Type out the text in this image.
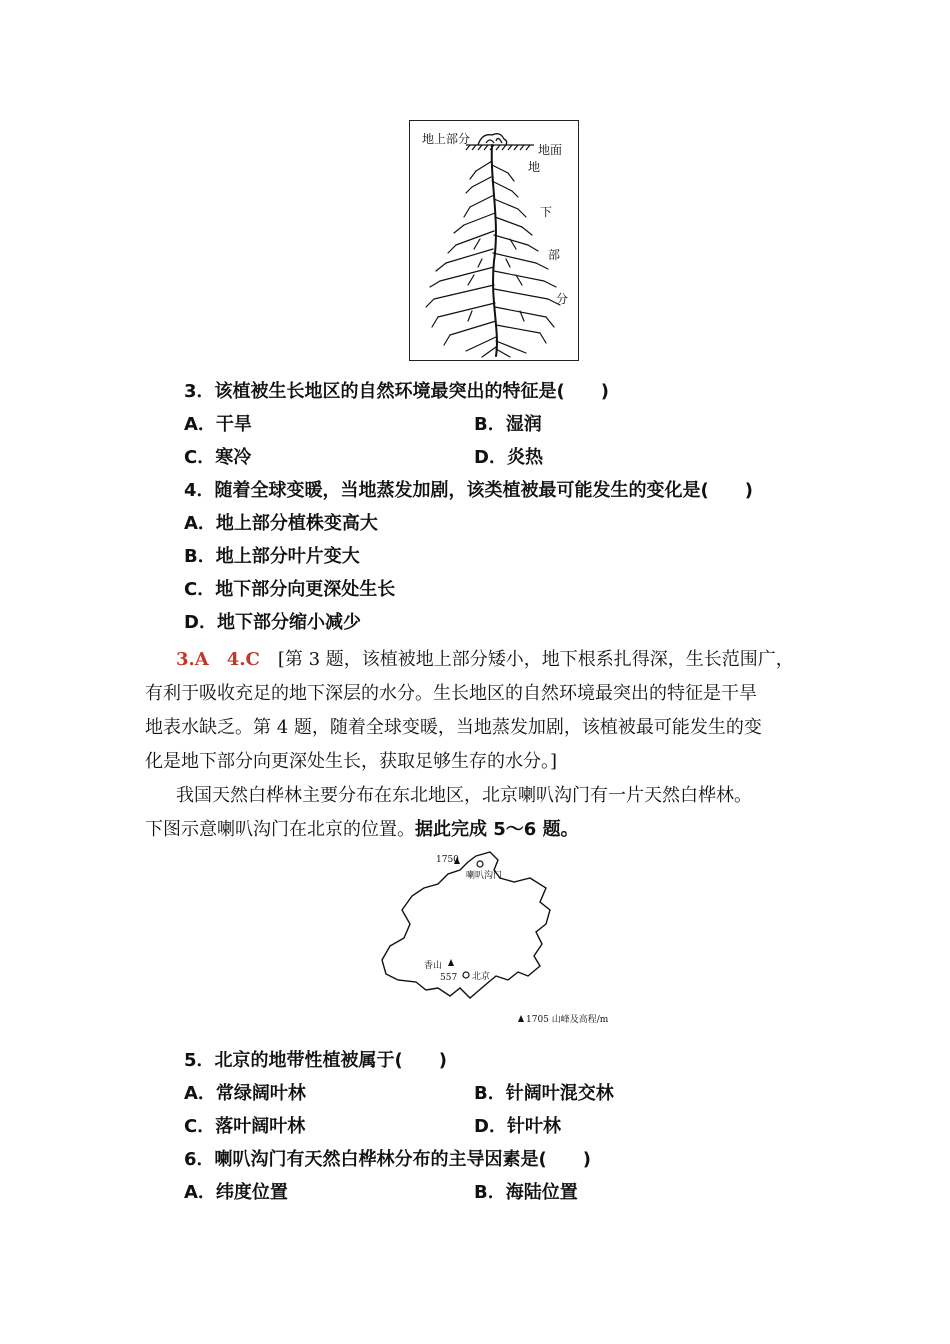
地上部分
地面
地
下
部
分
3．该植被生长地区的自然环境最突出的特征是(　　)
A．干旱	B．湿润
C．寒冷	D．炎热
4．随着全球变暖，当地蒸发加剧，该类植被最可能发生的变化是(　　)
A．地上部分植株变高大
B．地上部分叶片变大
C．地下部分向更深处生长
D．地下部分缩小减少
3.A　4.C  [第 3 题，该植被地上部分矮小，地下根系扎得深，生长范围广，
有利于吸收充足的地下深层的水分。生长地区的自然环境最突出的特征是干旱
地表水缺乏。第 4 题，随着全球变暖，当地蒸发加剧，该植被最可能发生的变
化是地下部分向更深处生长，获取足够生存的水分。]
我国天然白桦林主要分布在东北地区，北京喇叭沟门有一片天然白桦林。
下图示意喇叭沟门在北京的位置。据此完成 5～6 题。
1750
喇叭沟门
香山
557 北京
1705 山峰及高程/m
5．北京的地带性植被属于(　　)
A．常绿阔叶林	B．针阔叶混交林
C．落叶阔叶林	D．针叶林
6．喇叭沟门有天然白桦林分布的主导因素是(　　)
A．纬度位置	B．海陆位置
